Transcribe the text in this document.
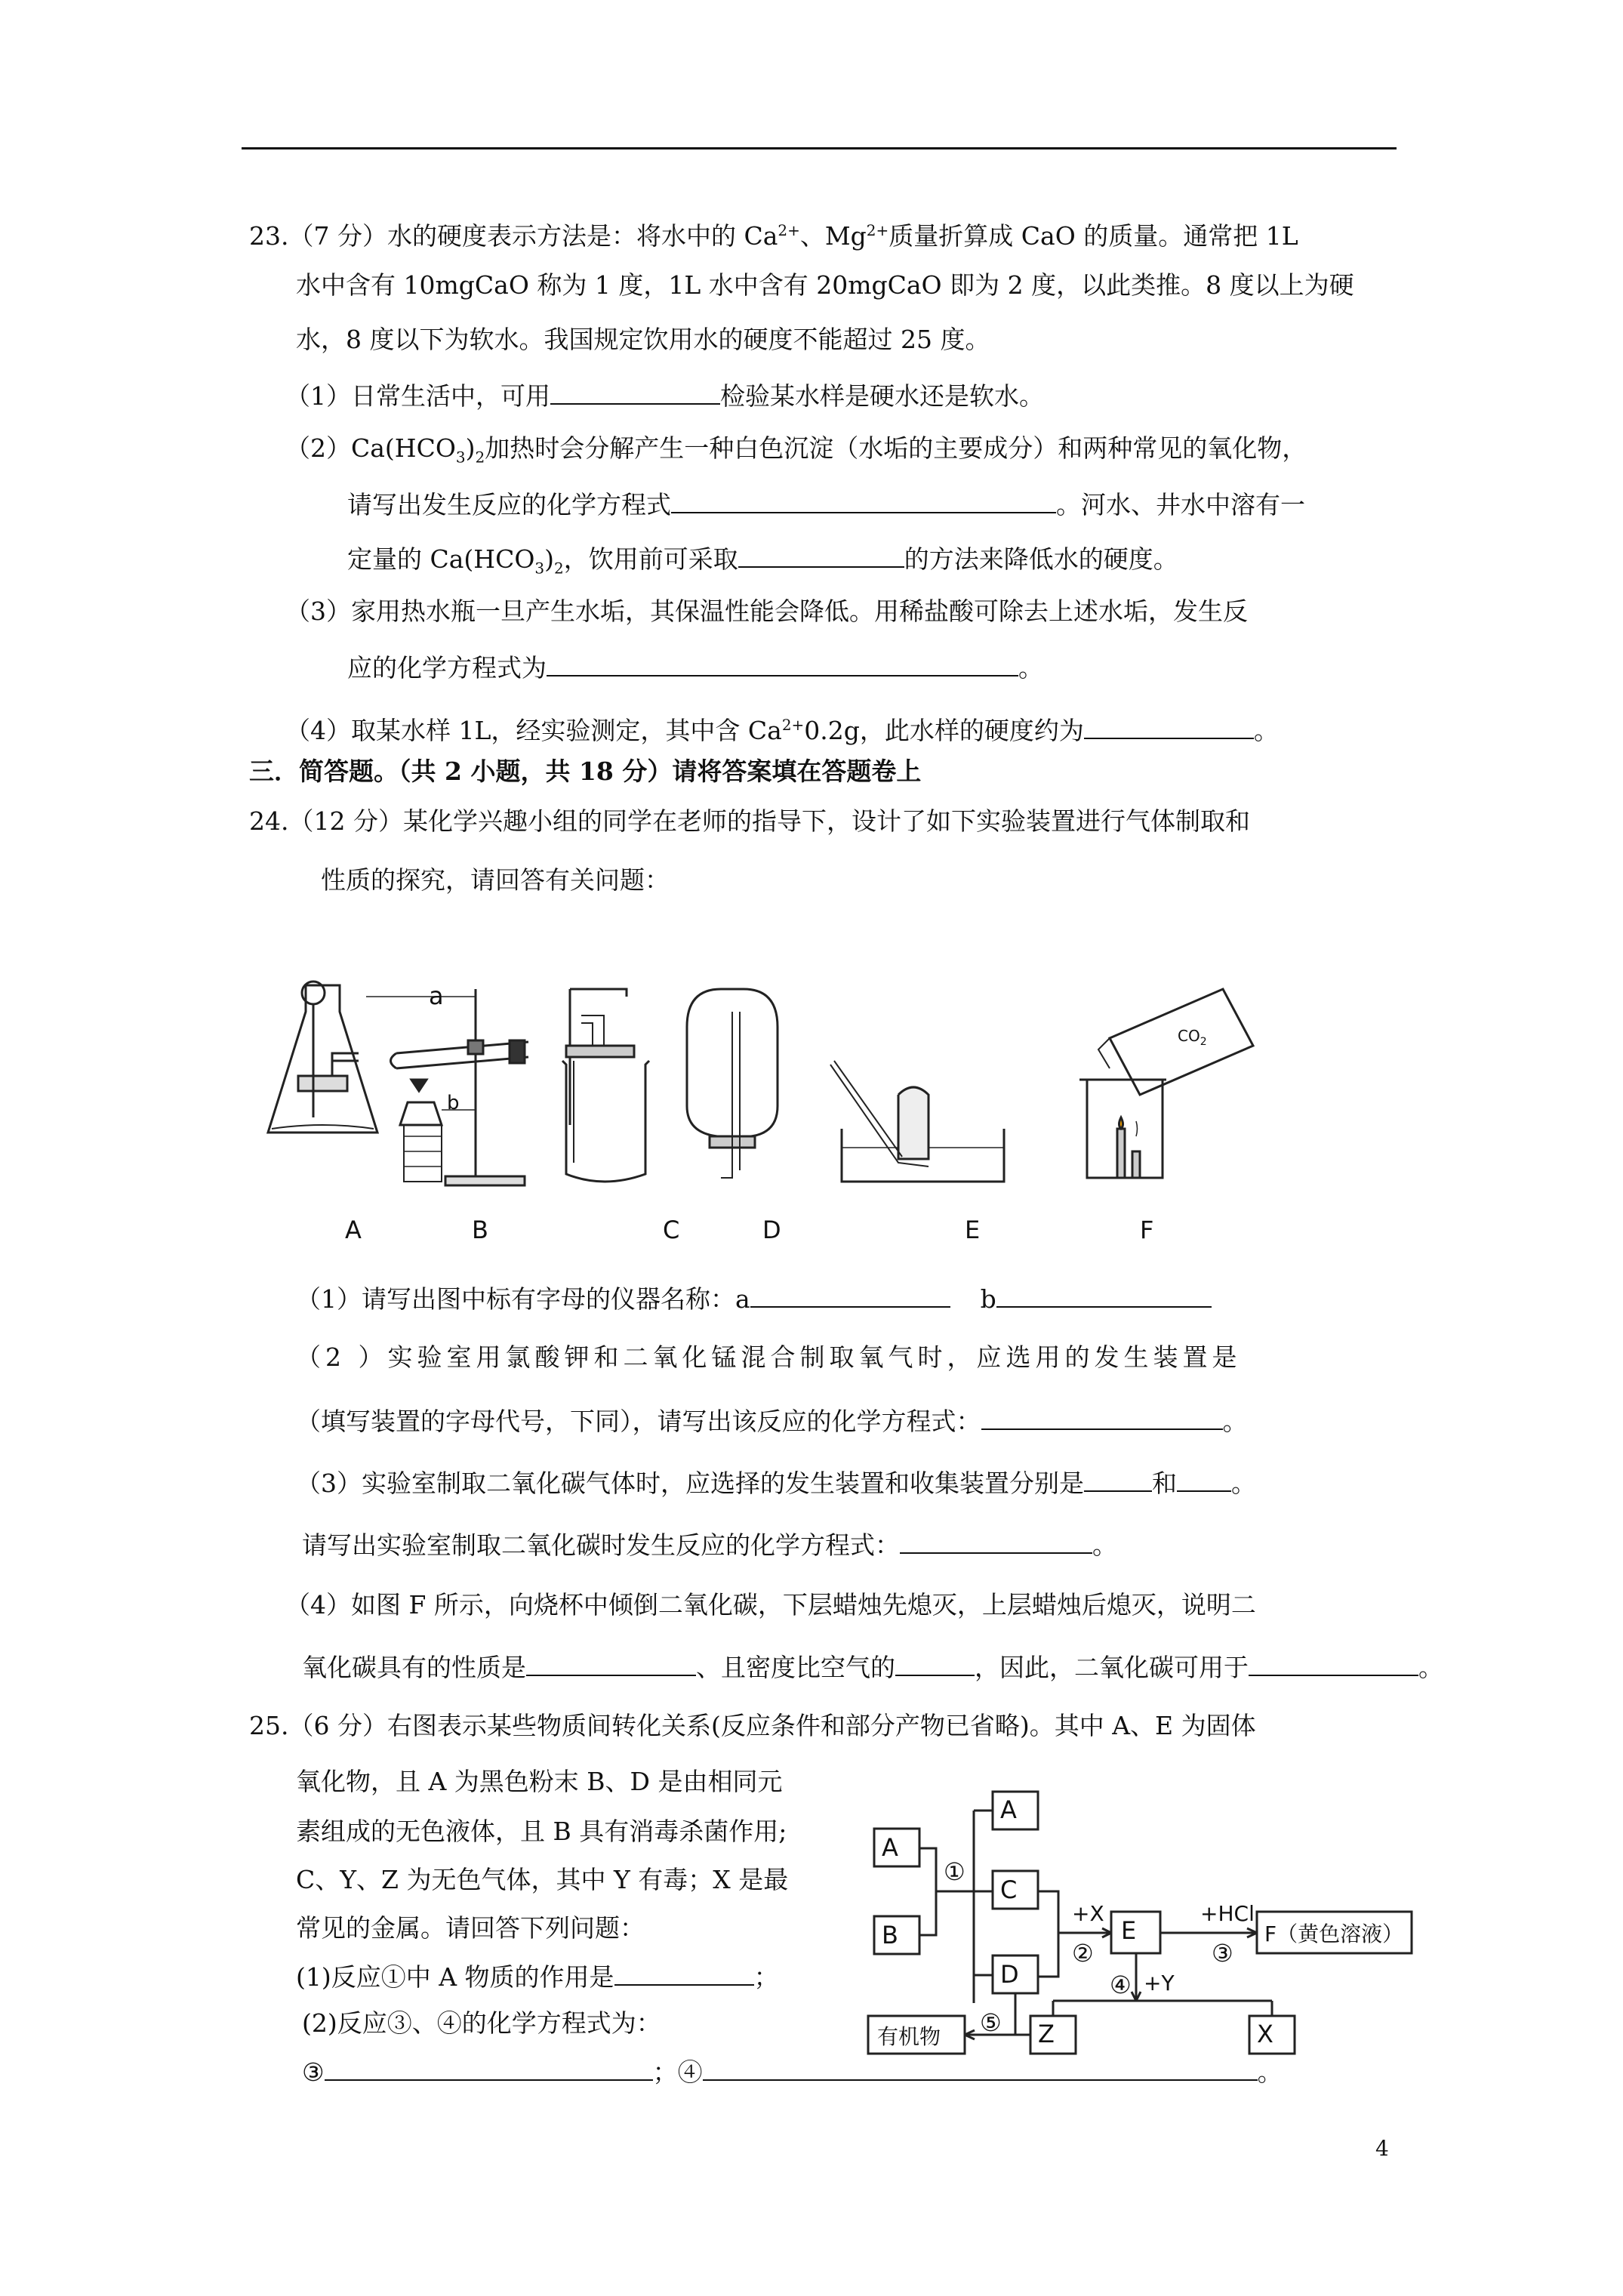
23.（7 分）水的硬度表示方法是：将水中的 $Ca^{2+}$、$Mg^{2+}$质量折算成 CaO 的质量。通常把 1L
水中含有 10mgCaO 称为 1 度，1L 水中含有 20mgCaO 即为 2 度，以此类推。8 度以上为硬
水，8 度以下为软水。我国规定饮用水的硬度不能超过 25 度。
（1）日常生活中，可用	检验某水样是硬水还是软水。
$(2)Ca(HCO_3)_2$加热时会分解产生一种白色沉淀（水垢的主要成分）和两种常见的氧化物，
请写出发生反应的化学方程式	。河水、井水中溶有一
定量的 $Ca(HCO_3)_2$，饮用前可采取	的方法来降低水的硬度。
（3）家用热水瓶一旦产生水垢，其保温性能会降低。用稀盐酸可除去上述水垢，发生反
应的化学方程式为	。
（4）取某水样 1L，经实验测定，其中含 $Ca^{2+}0.2g$，此水样的硬度约为	。
三．简答题。（共 2 小题，共 18 分）请将答案填在答题卷上
24.（12 分）某化学兴趣小组的同学在老师的指导下，设计了如下实验装置进行气体制取和
性质的探究，请回答有关问题：
a
b
$CO_2$
A	B	C	D	E	F
（1）请写出图中标有字母的仪器名称：a	b
（2 ）实验室用氯酸钾和二氧化锰混合制取氧气时，应选用的发生装置是
（填写装置的字母代号，下同），请写出该反应的化学方程式：	。
（3）实验室制取二氧化碳气体时，应选择的发生装置和收集装置分别是	和 。
请写出实验室制取二氧化碳时发生反应的化学方程式：	。
（4）如图 F 所示，向烧杯中倾倒二氧化碳，下层蜡烛先熄灭，上层蜡烛后熄灭，说明二
氧化碳具有的性质是	、且密度比空气的	，因此，二氧化碳可用于	。
25.（6 分）右图表示某些物质间转化关系(反应条件和部分产物已省略)。其中 A、E 为固体
氧化物，且 A 为黑色粉末 B、D 是由相同元
素组成的无色液体，且 B 具有消毒杀菌作用;
C、Y、Z 为无色气体，其中 Y 有毒；X 是最
常见的金属。请回答下列问题：
(1)反应①中 A 物质的作用是	；
(2)反应③、④的化学方程式为：
③	；④	。
A
B
A
C
D
E	F（黄色溶液）
Z	X
有机物
①
②	③
④
⑤
+X	+HCl
+Y
4
